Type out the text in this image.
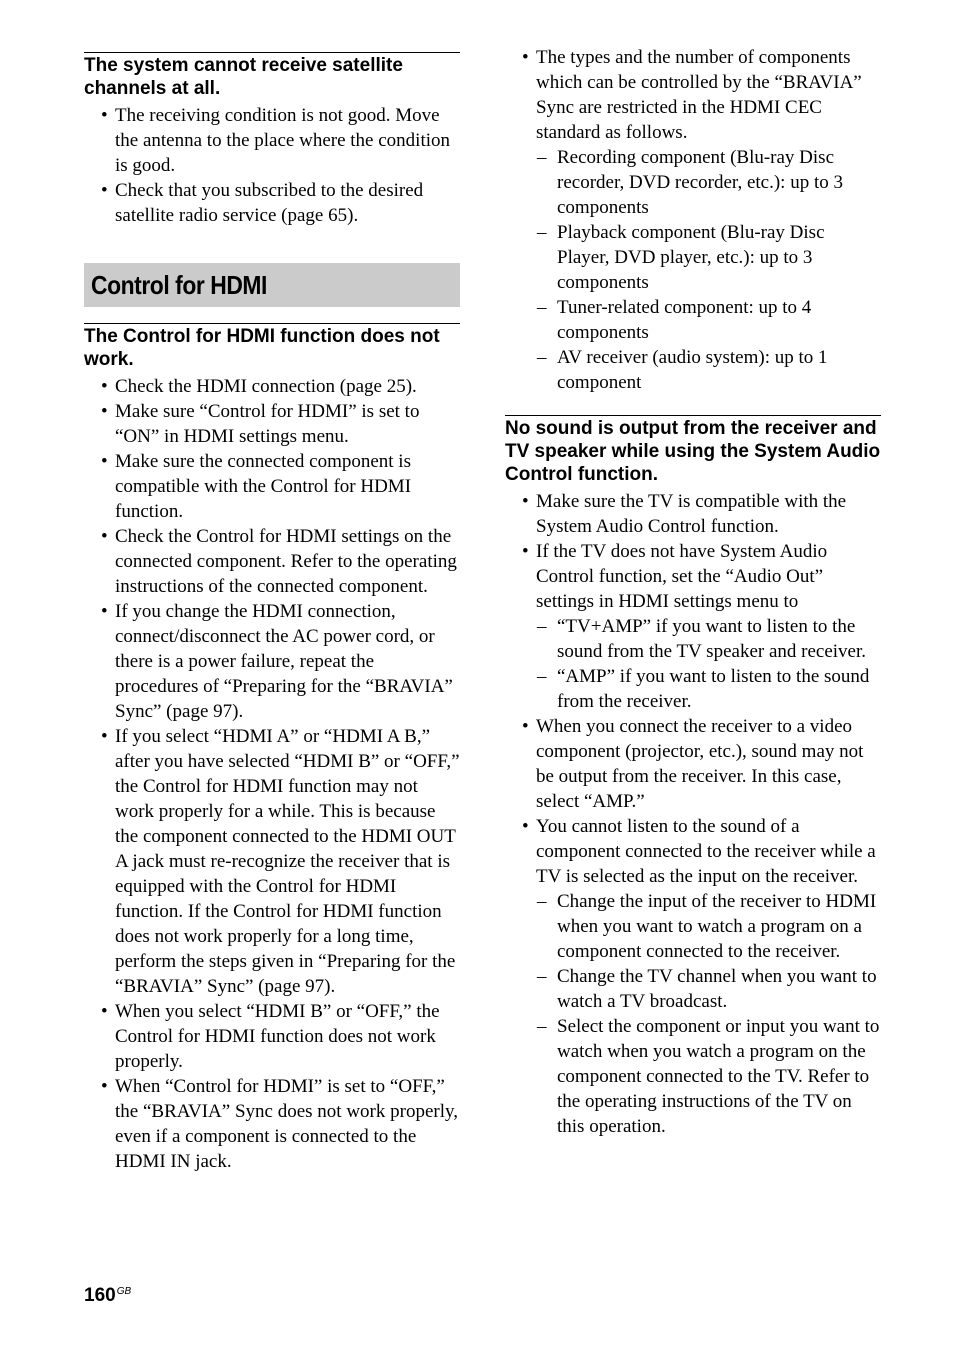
The system cannot receive satellite channels at all.
• The receiving condition is not good. Move the antenna to the place where the condition is good.
• Check that you subscribed to the desired satellite radio service (page 65).
Control for HDMI
The Control for HDMI function does not work.
• Check the HDMI connection (page 25).
• Make sure “Control for HDMI” is set to “ON” in HDMI settings menu.
• Make sure the connected component is compatible with the Control for HDMI function.
• Check the Control for HDMI settings on the connected component. Refer to the operating instructions of the connected component.
• If you change the HDMI connection, connect/disconnect the AC power cord, or there is a power failure, repeat the procedures of “Preparing for the “BRAVIA” Sync” (page 97).
• If you select “HDMI A” or “HDMI A B,” after you have selected “HDMI B” or “OFF,” the Control for HDMI function may not work properly for a while. This is because the component connected to the HDMI OUT A jack must re-recognize the receiver that is equipped with the Control for HDMI function. If the Control for HDMI function does not work properly for a long time, perform the steps given in “Preparing for the “BRAVIA” Sync” (page 97).
• When you select “HDMI B” or “OFF,” the Control for HDMI function does not work properly.
• When “Control for HDMI” is set to “OFF,” the “BRAVIA” Sync does not work properly, even if a component is connected to the HDMI IN jack.
• The types and the number of components which can be controlled by the “BRAVIA” Sync are restricted in the HDMI CEC standard as follows.
– Recording component (Blu-ray Disc recorder, DVD recorder, etc.): up to 3 components
– Playback component (Blu-ray Disc Player, DVD player, etc.): up to 3 components
– Tuner-related component: up to 4 components
– AV receiver (audio system): up to 1 component
No sound is output from the receiver and TV speaker while using the System Audio Control function.
• Make sure the TV is compatible with the System Audio Control function.
• If the TV does not have System Audio Control function, set the “Audio Out” settings in HDMI settings menu to
– “TV+AMP” if you want to listen to the sound from the TV speaker and receiver.
– “AMP” if you want to listen to the sound from the receiver.
• When you connect the receiver to a video component (projector, etc.), sound may not be output from the receiver. In this case, select “AMP.”
• You cannot listen to the sound of a component connected to the receiver while a TV is selected as the input on the receiver.
– Change the input of the receiver to HDMI when you want to watch a program on a component connected to the receiver.
– Change the TV channel when you want to watch a TV broadcast.
– Select the component or input you want to watch when you watch a program on the component connected to the TV. Refer to the operating instructions of the TV on this operation.
$160^{GB}$
